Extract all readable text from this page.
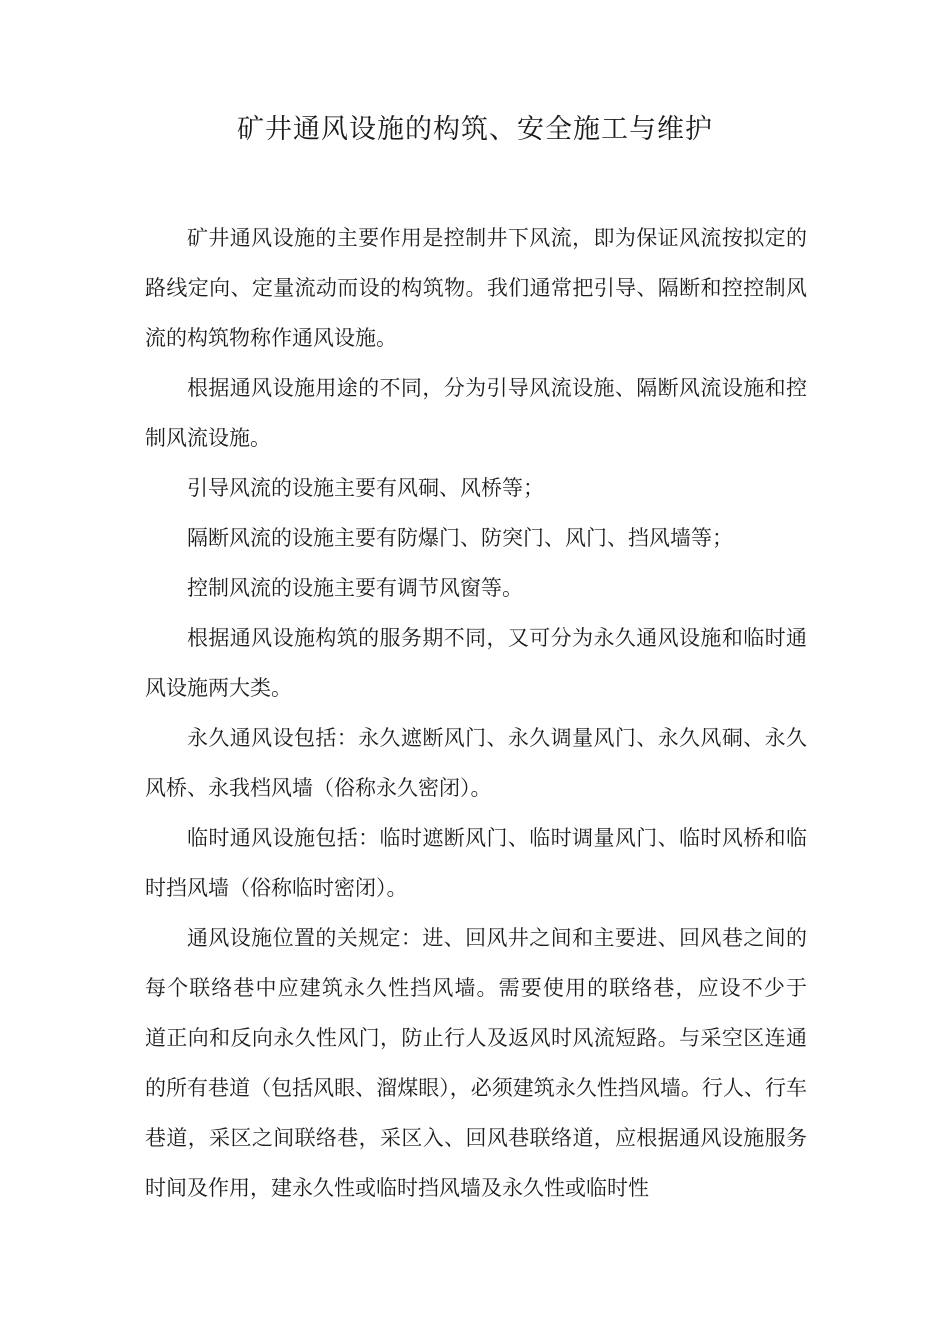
矿井通风设施的构筑、安全施工与维护

矿井通风设施的主要作用是控制井下风流，即为保证风流按拟定的路线定向、定量流动而设的构筑物。我们通常把引导、隔断和控控制风流的构筑物称作通风设施。

根据通风设施用途的不同，分为引导风流设施、隔断风流设施和控制风流设施。

引导风流的设施主要有风硐、风桥等；

隔断风流的设施主要有防爆门、防突门、风门、挡风墙等；

控制风流的设施主要有调节风窗等。

根据通风设施构筑的服务期不同，又可分为永久通风设施和临时通风设施两大类。

永久通风设包括：永久遮断风门、永久调量风门、永久风硐、永久风桥、永我档风墙（俗称永久密闭）。

临时通风设施包括：临时遮断风门、临时调量风门、临时风桥和临时挡风墙（俗称临时密闭）。

通风设施位置的关规定：进、回风井之间和主要进、回风巷之间的每个联络巷中应建筑永久性挡风墙。需要使用的联络巷，应设不少于　道正向和反向永久性风门，防止行人及返风时风流短路。与采空区连通的所有巷道（包括风眼、溜煤眼），必须建筑永久性挡风墙。行人、行车巷道，采区之间联络巷，采区入、回风巷联络道，应根据通风设施服务时间及作用，建永久性或临时挡风墙及永久性或临时性
